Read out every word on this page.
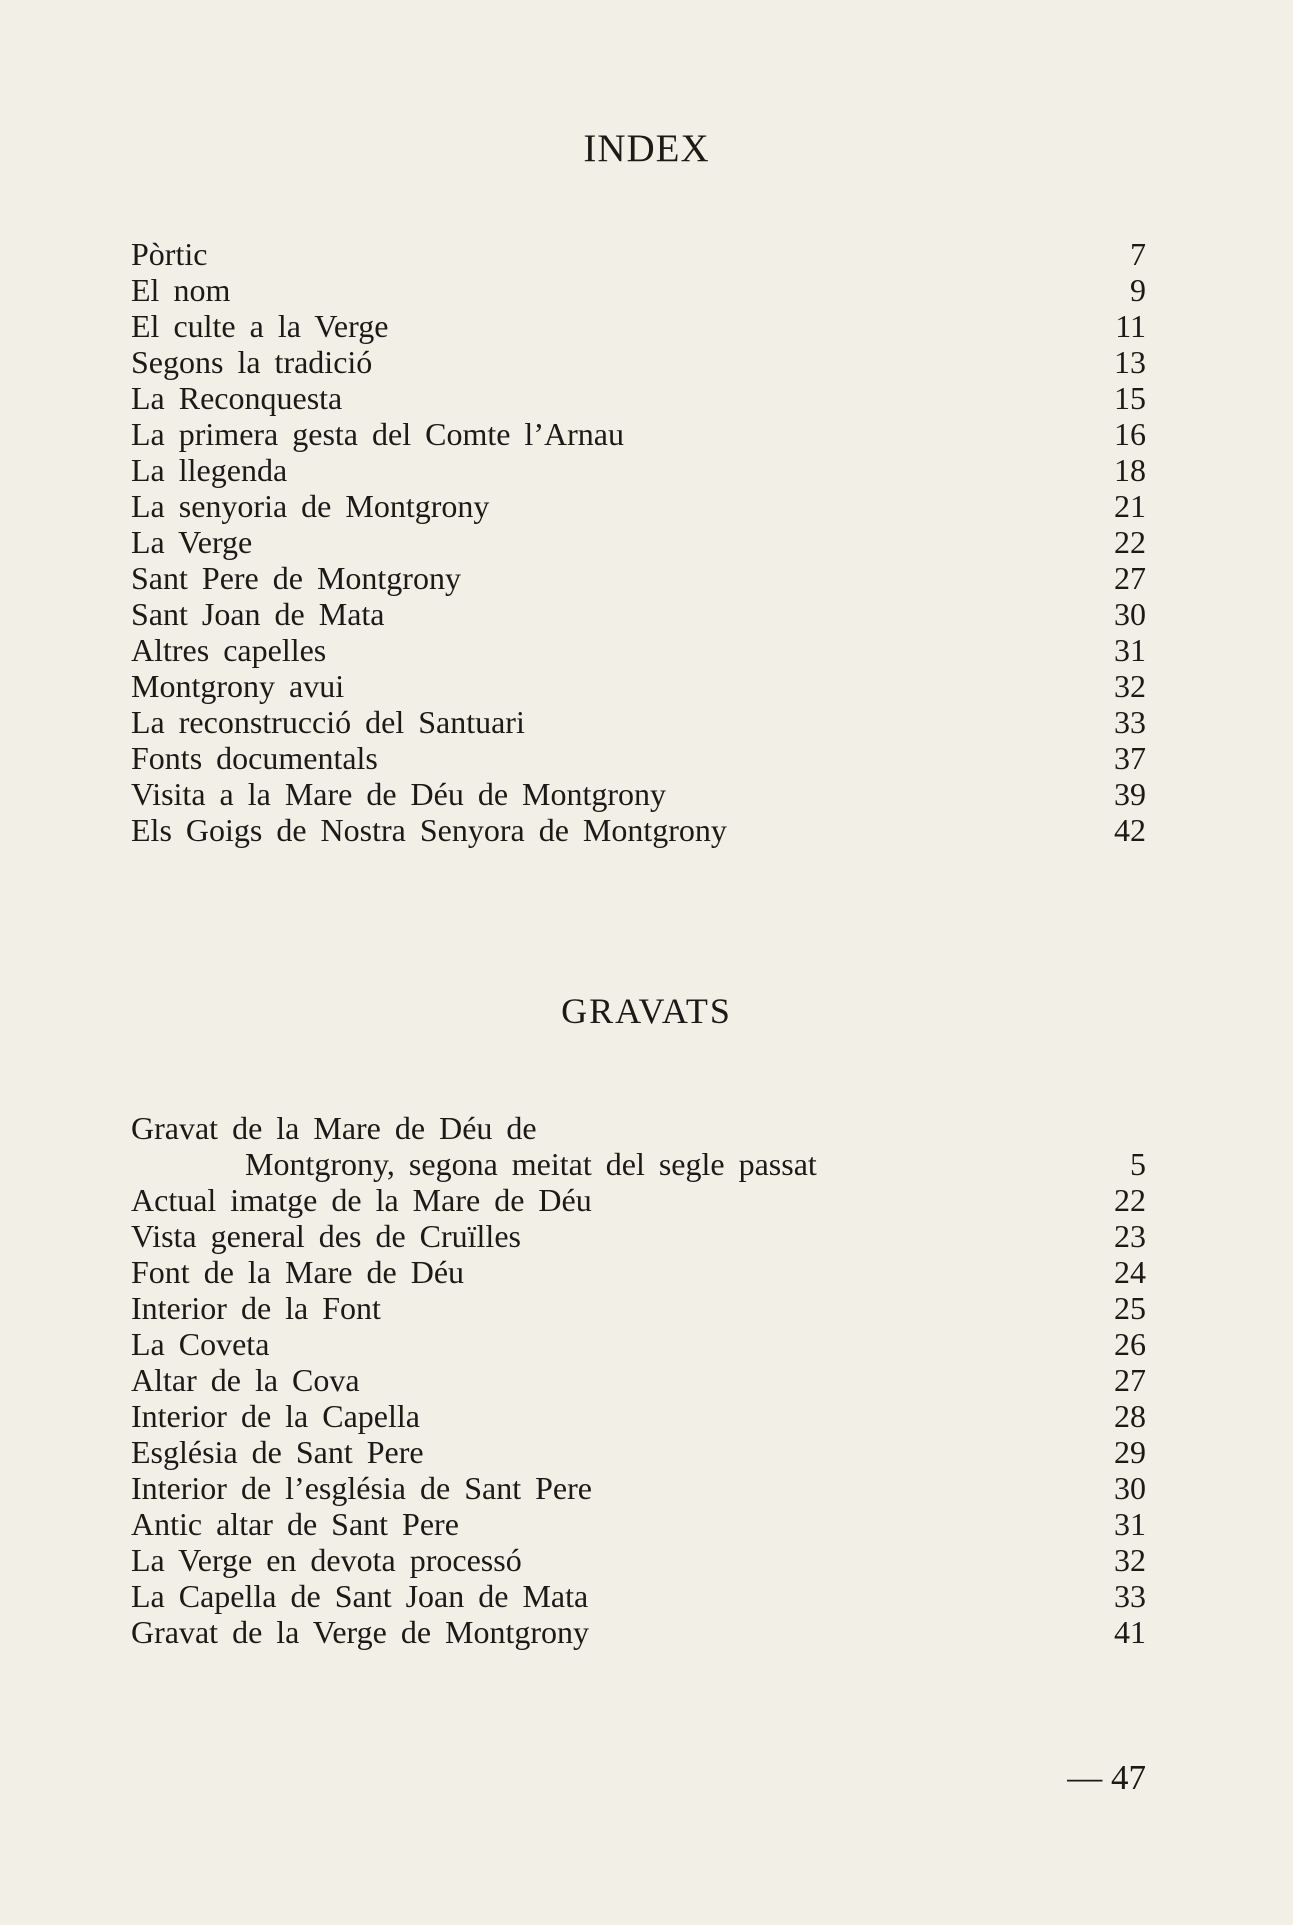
INDEX
Pòrtic	7
El nom	9
El culte a la Verge	11
Segons la tradició	13
La Reconquesta	15
La primera gesta del Comte l’Arnau	16
La llegenda	18
La senyoria de Montgrony	21
La Verge	22
Sant Pere de Montgrony	27
Sant Joan de Mata	30
Altres capelles	31
Montgrony avui	32
La reconstrucció del Santuari	33
Fonts documentals	37
Visita a la Mare de Déu de Montgrony	39
Els Goigs de Nostra Senyora de Montgrony	42
GRAVATS
Gravat de la Mare de Déu de
Montgrony, segona meitat del segle passat	5
Actual imatge de la Mare de Déu	22
Vista general des de Cruïlles	23
Font de la Mare de Déu	24
Interior de la Font	25
La Coveta	26
Altar de la Cova	27
Interior de la Capella	28
Església de Sant Pere	29
Interior de l’església de Sant Pere	30
Antic altar de Sant Pere	31
La Verge en devota processó	32
La Capella de Sant Joan de Mata	33
Gravat de la Verge de Montgrony	41
— 47
